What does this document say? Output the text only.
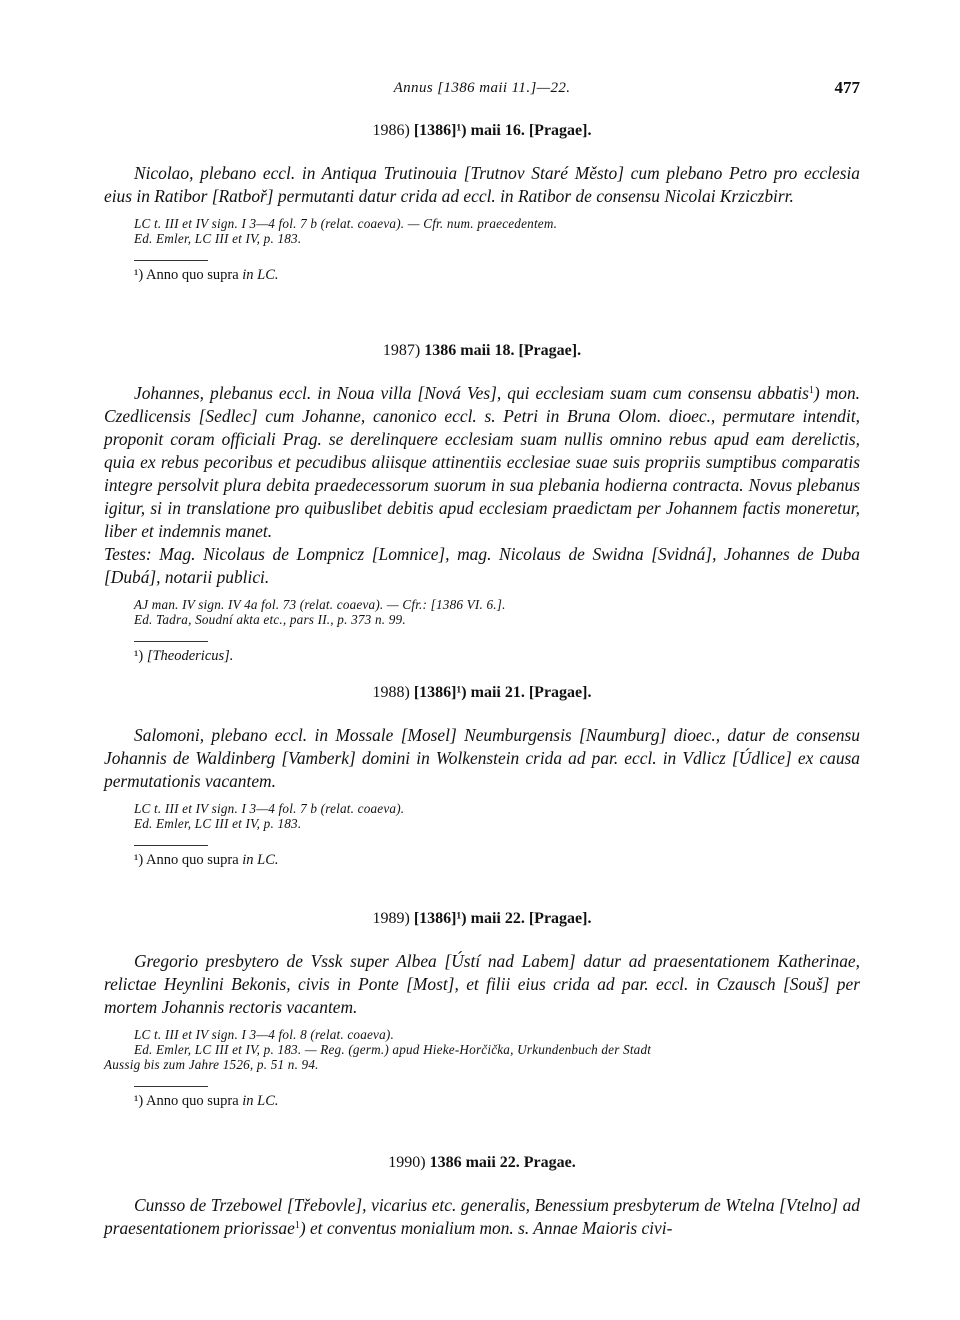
Annus [1386 maii 11.]—22.	477
1986) [1386]¹) maii 16. [Pragae].

Nicolao, plebano eccl. in Antiqua Trutinouia [Trutnov Staré Město] cum plebano Petro pro ecclesia eius in Ratibor [Ratboř] permutanti datur crida ad eccl. in Ratibor de consensu Nicolai Krziczbirr.

LC t. III et IV sign. I 3—4 fol. 7 b (relat. coaeva). — Cfr. num. praecedentem.
Ed. Emler, LC III et IV, p. 183.

¹) Anno quo supra in LC.

1987) 1386 maii 18. [Pragae].

Johannes, plebanus eccl. in Noua villa [Nová Ves], qui ecclesiam suam cum consensu abbatis$^1$) mon. Czedlicensis [Sedlec] cum Johanne, canonico eccl. s. Petri in Bruna Olom. dioec., permutare intendit, proponit coram officiali Prag. se derelinquere ecclesiam suam nullis omnino rebus apud eam derelictis, quia ex rebus pecoribus et pecudibus aliisque attinentiis ecclesiae suae suis propriis sumptibus comparatis integre persolvit plura debita praedecessorum suorum in sua plebania hodierna contracta. Novus plebanus igitur, si in translatione pro quibuslibet debitis apud ecclesiam praedictam per Johannem factis moneretur, liber et indemnis manet.

Testes: Mag. Nicolaus de Lompnicz [Lomnice], mag. Nicolaus de Swidna [Svidná], Johannes de Duba [Dubá], notarii publici.

AJ man. IV sign. IV 4a fol. 73 (relat. coaeva). — Cfr.: [1386 VI. 6.].
Ed. Tadra, Soudní akta etc., pars II., p. 373 n. 99.

¹) [Theodericus].

1988) [1386]¹) maii 21. [Pragae].

Salomoni, plebano eccl. in Mossale [Mosel] Neumburgensis [Naumburg] dioec., datur de consensu Johannis de Waldinberg [Vamberk] domini in Wolkenstein crida ad par. eccl. in Vdlicz [Údlice] ex causa permutationis vacantem.

LC t. III et IV sign. I 3—4 fol. 7 b (relat. coaeva).
Ed. Emler, LC III et IV, p. 183.

¹) Anno quo supra in LC.

1989) [1386]¹) maii 22. [Pragae].

Gregorio presbytero de Vssk super Albea [Ústí nad Labem] datur ad praesentationem Katherinae, relictae Heynlini Bekonis, civis in Ponte [Most], et filii eius crida ad par. eccl. in Czausch [Souš] per mortem Johannis rectoris vacantem.

LC t. III et IV sign. I 3—4 fol. 8 (relat. coaeva).
Ed. Emler, LC III et IV, p. 183. — Reg. (germ.) apud Hieke-Horčička, Urkundenbuch der Stadt
Aussig bis zum Jahre 1526, p. 51 n. 94.

¹) Anno quo supra in LC.

1990) 1386 maii 22. Pragae.

Cunsso de Trzebowel [Třebovle], vicarius etc. generalis, Benessium presbyterum de Wtelna [Vtelno] ad praesentationem priorissae$^1$) et conventus monialium mon. s. Annae Maioris civi-
